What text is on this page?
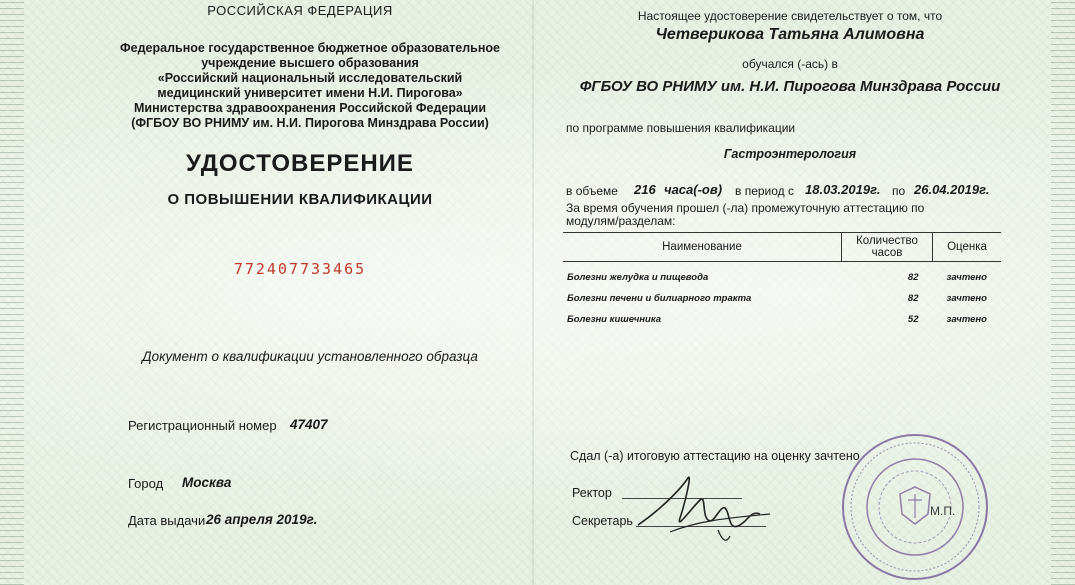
РОССИЙСКАЯ ФЕДЕРАЦИЯ
Федеральное государственное бюджетное образовательное
учреждение высшего образования
«Российский национальный исследовательский
медицинский университет имени Н.И. Пирогова»
Министерства здравоохранения Российской Федерации
(ФГБОУ ВО РНИМУ им. Н.И. Пирогова Минздрава России)
УДОСТОВЕРЕНИЕ
О ПОВЫШЕНИИ КВАЛИФИКАЦИИ
772407733465
Документ о квалификации установленного образца
Регистрационный номер 47407
Город Москва
Дата выдачи 26 апреля 2019г.
Настоящее удостоверение свидетельствует о том, что
Четверикова Татьяна Алимовна
обучался (-ась) в
ФГБОУ ВО РНИМУ им. Н.И. Пирогова Минздрава России
по программе повышения квалификации
Гастроэнтерология
в объеме 216 часа(-ов) в период с 18.03.2019г. по 26.04.2019г.
За время обучения прошел (-ла) промежуточную аттестацию по
модулям/разделам:
Наименование	Количество часов	Оценка
Болезни желудка и пищевода	82	зачтено
Болезни печени и билиарного тракта	82	зачтено
Болезни кишечника	52	зачтено
Сдал (-а) итоговую аттестацию на оценку зачтено
Ректор
Секретарь
М.П.
